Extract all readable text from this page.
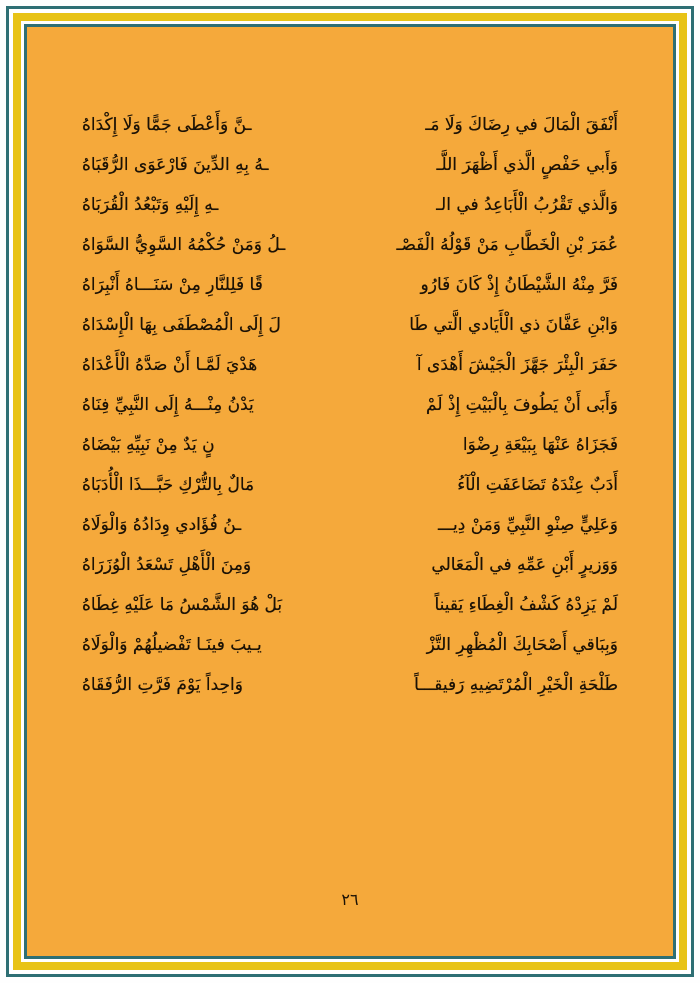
أَنْفَقَ الْمَالَ في رِضَاكَ وَلَا مَـ
ـنَّ وَأَعْطَى جَمًّا وَلَا إِكْدَاهُ
وَأَبي حَفْصٍ الَّذي أَظْهَرَ اللَّـ
ـهُ بِهِ الدِّينَ فَارْعَوَى الرُّقَبَاهُ
وَالَّذي تَقْرُبُ الْأَبَاعِدُ في الـ
ـهِ إِلَيْهِ وَتَبْعُدُ الْقُرَبَاهُ
عُمَرَ بْنِ الْخَطَّابِ مَنْ قَوْلُهُ الْفَصْـ
ـلُ وَمَنْ حُكْمُهُ السَّوِيُّ السَّوَاهُ
فَرَّ مِنْهُ الشَّيْطَانُ إِذْ كَانَ فَارُو
قًا فَلِلنَّارِ مِنْ سَنَـــاهُ أَنْبِرَاهُ
وَابْنِ عَفَّانَ ذي الْأَيَادي الَّتي طَا
لَ إِلَى الْمُصْطَفَى بِهَا الْإِسْدَاهُ
حَفَرَ الْبِئْرَ جَهَّزَ الْجَيْشَ أَهْدَى آ
هَدْيَ لَمَّـا أَنْ صَدَّهُ الْأَعْدَاهُ
وَأَبَى أَنْ يَطُوفَ بِالْبَيْتِ إِذْ لَمْ
يَدْنُ مِنْـــهُ إِلَى النَّبِيِّ فِنَاهُ
فَجَزَاهُ عَنْهَا بِبَيْعَةِ رِضْوَا
نٍ يَدٌ مِنْ نَبِيِّهِ بَيْضَاهُ
أَدَبٌ عِنْدَهُ تَضَاعَفَتِ الْآءُ
مَالٌ بِالتُّرْكِ حَبَّـــذَا الْأُدَبَاهُ
وَعَلِيٍّ صِنْوِ النَّبِيِّ وَمَنْ دِيـــ
ـنُ فُؤَادي وِدَادُهُ وَالْوَلَاهُ
وَوَزيرٍ أَبْنِ عَمِّهِ في الْمَعَالي
وَمِنَ الْأَهْلِ تَسْعَدُ الْوُزَرَاهُ
لَمْ يَزِدْهُ كَشْفُ الْغِطَاءِ يَقيناً
بَلْ هُوَ الشَّمْسُ مَا عَلَيْهِ غِطَاهُ
وَبِبَاقي أَصْحَابِكَ الْمُظْهِرِ التَّزْ
يـيبَ فينَـا تَفْضيلُهُمْ وَالْوَلَاهُ
طَلْحَةِ الْخَيْرِ الْمُرْتَضِيهِ رَفيقـــاً
وَاحِداً يَوْمَ فَرَّتِ الرُّفَقَاهُ
٢٦
